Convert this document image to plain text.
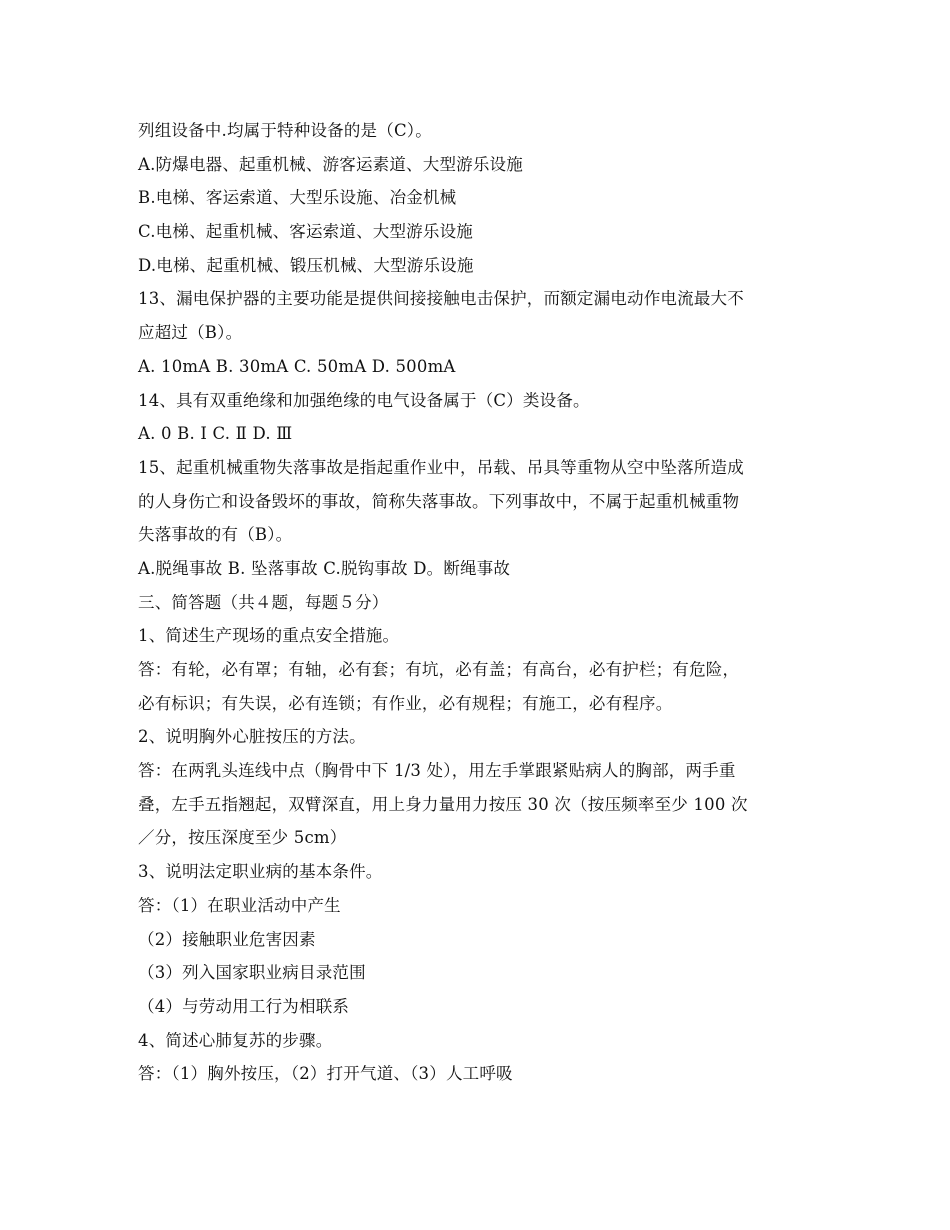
列组设备中.均属于特种设备的是（C）。
A.防爆电器、起重机械、游客运素道、大型游乐设施
B.电梯、客运索道、大型乐设施、冶金机械
C.电梯、起重机械、客运索道、大型游乐设施
D.电梯、起重机械、锻压机械、大型游乐设施
13、漏电保护器的主要功能是提供间接接触电击保护，而额定漏电动作电流最大不
应超过（B）。
A. 10mA B. 30mA C. 50mA D. 500mA
14、具有双重绝缘和加强绝缘的电气设备属于（C）类设备。
A. 0 B. Ⅰ C. Ⅱ D. Ⅲ
15、起重机械重物失落事故是指起重作业中，吊载、吊具等重物从空中坠落所造成
的人身伤亡和设备毁坏的事故，简称失落事故。下列事故中，不属于起重机械重物
失落事故的有（B）。
A.脱绳事故 B. 坠落事故 C.脱钩事故 D。断绳事故
三、简答题（共４题，每题５分）
1、简述生产现场的重点安全措施。
答：有轮，必有罩；有轴，必有套；有坑，必有盖；有高台，必有护栏；有危险，
必有标识；有失误，必有连锁；有作业，必有规程；有施工，必有程序。
2、说明胸外心脏按压的方法。
答：在两乳头连线中点（胸骨中下 1/3 处），用左手掌跟紧贴病人的胸部，两手重
叠，左手五指翘起，双臂深直，用上身力量用力按压 30 次（按压频率至少 100 次
／分，按压深度至少 5cm）
3、说明法定职业病的基本条件。
答：（1）在职业活动中产生
（2）接触职业危害因素
（3）列入国家职业病目录范围
（4）与劳动用工行为相联系
4、简述心肺复苏的步骤。
答：（1）胸外按压，（2）打开气道、（3）人工呼吸
